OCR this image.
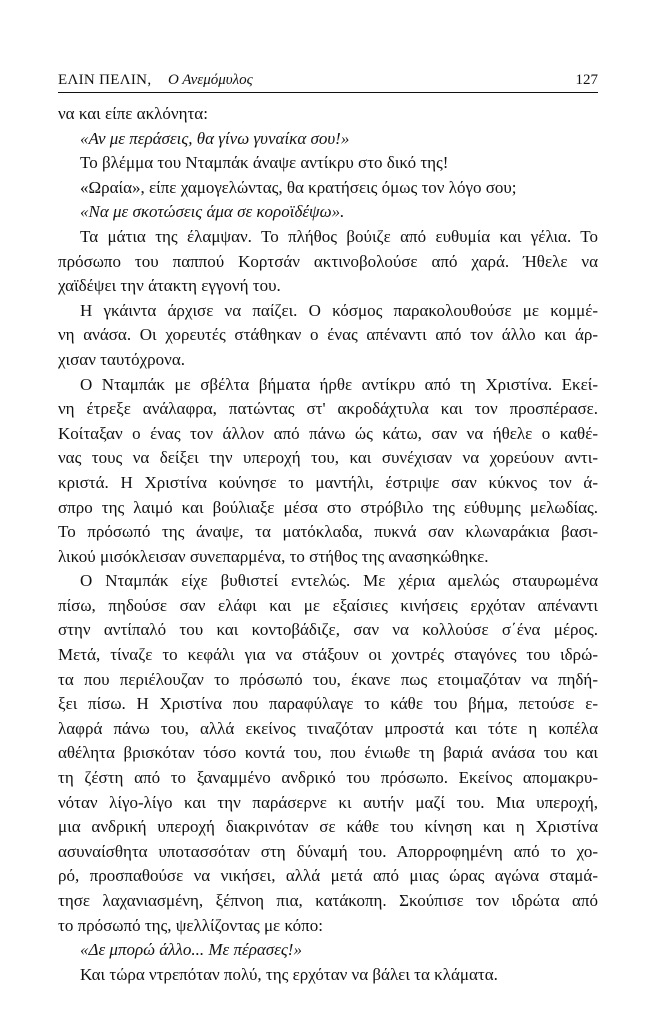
ΕΛΙΝ ΠΕΛΙΝ, Ο Ανεμόμυλος	127
να και είπε ακλόνητα:
«Αν με περάσεις, θα γίνω γυναίκα σου!»
Το βλέμμα του Νταμπάκ άναψε αντίκρυ στο δικό της!
«Ωραία», είπε χαμογελώντας, θα κρατήσεις όμως τον λόγο σου;
«Να με σκοτώσεις άμα σε κοροϊδέψω».
Τα μάτια της έλαμψαν. Το πλήθος βούιζε από ευθυμία και γέλια. Το
πρόσωπο του παππού Κορτσάν ακτινοβολούσε από χαρά. Ήθελε να
χαϊδέψει την άτακτη εγγονή του.
Η γκάιντα άρχισε να παίζει. Ο κόσμος παρακολουθούσε με κομμέ-
νη ανάσα. Οι χορευτές στάθηκαν ο ένας απέναντι από τον άλλο και άρ-
χισαν ταυτόχρονα.
Ο Νταμπάκ με σβέλτα βήματα ήρθε αντίκρυ από τη Χριστίνα. Εκεί-
νη έτρεξε ανάλαφρα, πατώντας στ' ακροδάχτυλα και τον προσπέρασε.
Κοίταξαν ο ένας τον άλλον από πάνω ώς κάτω, σαν να ήθελε ο καθέ-
νας τους να δείξει την υπεροχή του, και συνέχισαν να χορεύουν αντι-
κριστά. Η Χριστίνα κούνησε το μαντήλι, έστριψε σαν κύκνος τον ά-
σπρο της λαιμό και βούλιαξε μέσα στο στρόβιλο της εύθυμης μελωδίας.
Το πρόσωπό της άναψε, τα ματόκλαδα, πυκνά σαν κλωναράκια βασι-
λικού μισόκλεισαν συνεπαρμένα, το στήθος της ανασηκώθηκε.
Ο Νταμπάκ είχε βυθιστεί εντελώς. Με χέρια αμελώς σταυρωμένα
πίσω, πηδούσε σαν ελάφι και με εξαίσιες κινήσεις ερχόταν απέναντι
στην αντίπαλό του και κοντοβάδιζε, σαν να κολλούσε σ΄ένα μέρος.
Μετά, τίναζε το κεφάλι για να στάξουν οι χοντρές σταγόνες του ιδρώ-
τα που περιέλουζαν το πρόσωπό του, έκανε πως ετοιμαζόταν να πηδή-
ξει πίσω. Η Χριστίνα που παραφύλαγε το κάθε του βήμα, πετούσε ε-
λαφρά πάνω του, αλλά εκείνος τιναζόταν μπροστά και τότε η κοπέλα
αθέλητα βρισκόταν τόσο κοντά του, που ένιωθε τη βαριά ανάσα του και
τη ζέστη από το ξαναμμένο ανδρικό του πρόσωπο. Εκείνος απομακρυ-
νόταν λίγο-λίγο και την παράσερνε κι αυτήν μαζί του. Μια υπεροχή,
μια ανδρική υπεροχή διακρινόταν σε κάθε του κίνηση και η Χριστίνα
ασυναίσθητα υποτασσόταν στη δύναμή του. Απορροφημένη από το χο-
ρό, προσπαθούσε να νικήσει, αλλά μετά από μιας ώρας αγώνα σταμά-
τησε λαχανιασμένη, ξέπνοη πια, κατάκοπη. Σκούπισε τον ιδρώτα από
το πρόσωπό της, ψελλίζοντας με κόπο:
«Δε μπορώ άλλο... Με πέρασες!»
Και τώρα ντρεπόταν πολύ, της ερχόταν να βάλει τα κλάματα.
